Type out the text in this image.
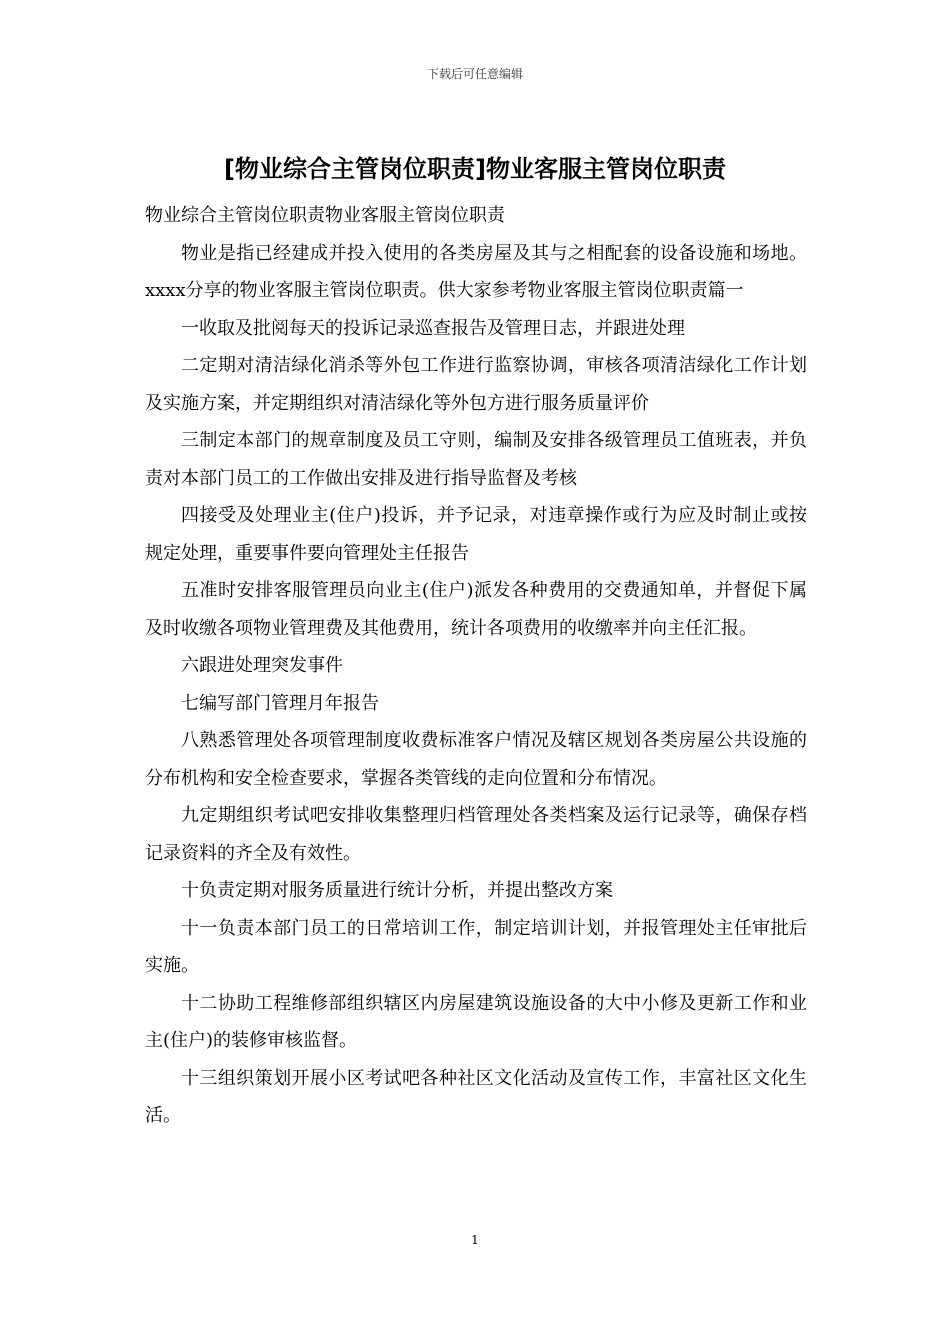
下载后可任意编辑
[物业综合主管岗位职责]物业客服主管岗位职责

物业综合主管岗位职责物业客服主管岗位职责

物业是指已经建成并投入使用的各类房屋及其与之相配套的设备设施和场地。xxxx分享的物业客服主管岗位职责。供大家参考物业客服主管岗位职责篇一

一收取及批阅每天的投诉记录巡查报告及管理日志，并跟进处理

二定期对清洁绿化消杀等外包工作进行监察协调，审核各项清洁绿化工作计划及实施方案，并定期组织对清洁绿化等外包方进行服务质量评价

三制定本部门的规章制度及员工守则，编制及安排各级管理员工值班表，并负责对本部门员工的工作做出安排及进行指导监督及考核

四接受及处理业主(住户)投诉，并予记录，对违章操作或行为应及时制止或按规定处理，重要事件要向管理处主任报告

五准时安排客服管理员向业主(住户)派发各种费用的交费通知单，并督促下属及时收缴各项物业管理费及其他费用，统计各项费用的收缴率并向主任汇报。

六跟进处理突发事件

七编写部门管理月年报告

八熟悉管理处各项管理制度收费标准客户情况及辖区规划各类房屋公共设施的分布机构和安全检查要求，掌握各类管线的走向位置和分布情况。

九定期组织考试吧安排收集整理归档管理处各类档案及运行记录等，确保存档记录资料的齐全及有效性。

十负责定期对服务质量进行统计分析，并提出整改方案

十一负责本部门员工的日常培训工作，制定培训计划，并报管理处主任审批后实施。

十二协助工程维修部组织辖区内房屋建筑设施设备的大中小修及更新工作和业主(住户)的装修审核监督。

十三组织策划开展小区考试吧各种社区文化活动及宣传工作，丰富社区文化生活。

1
